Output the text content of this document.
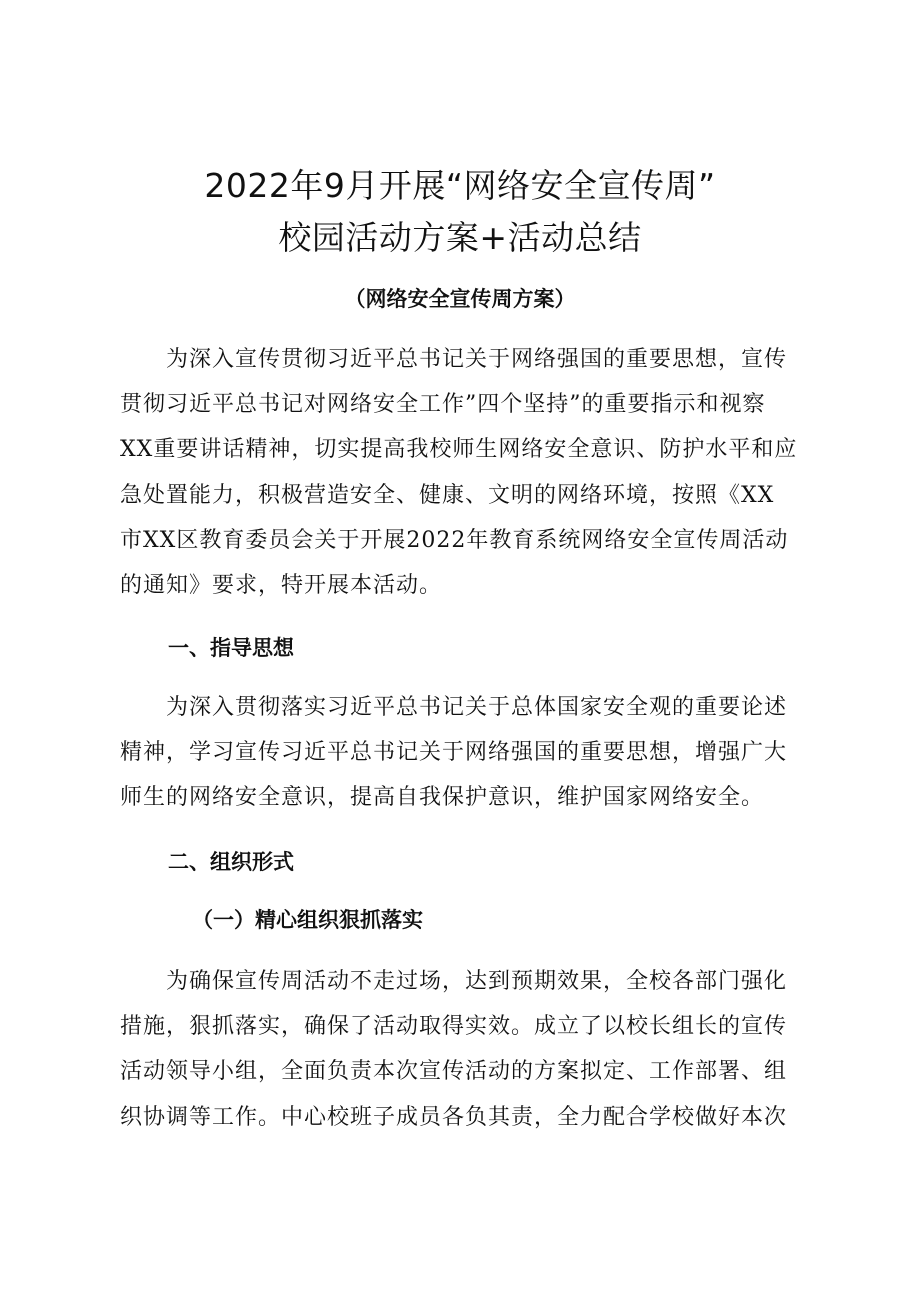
2022年9月开展“网络安全宣传周”
校园活动方案+活动总结
（网络安全宣传周方案）

　　为深入宣传贯彻习近平总书记关于网络强国的重要思想，宣传
贯彻习近平总书记对网络安全工作”四个坚持”的重要指示和视察
XX重要讲话精神，切实提高我校师生网络安全意识、防护水平和应
急处置能力，积极营造安全、健康、文明的网络环境，按照《XX
市XX区教育委员会关于开展2022年教育系统网络安全宣传周活动
的通知》要求，特开展本活动。

一、指导思想

　　为深入贯彻落实习近平总书记关于总体国家安全观的重要论述
精神，学习宣传习近平总书记关于网络强国的重要思想，增强广大
师生的网络安全意识，提高自我保护意识，维护国家网络安全。

二、组织形式
（一）精心组织狠抓落实

　　为确保宣传周活动不走过场，达到预期效果，全校各部门强化
措施，狠抓落实，确保了活动取得实效。成立了以校长组长的宣传
活动领导小组，全面负责本次宣传活动的方案拟定、工作部署、组
织协调等工作。中心校班子成员各负其责，全力配合学校做好本次
